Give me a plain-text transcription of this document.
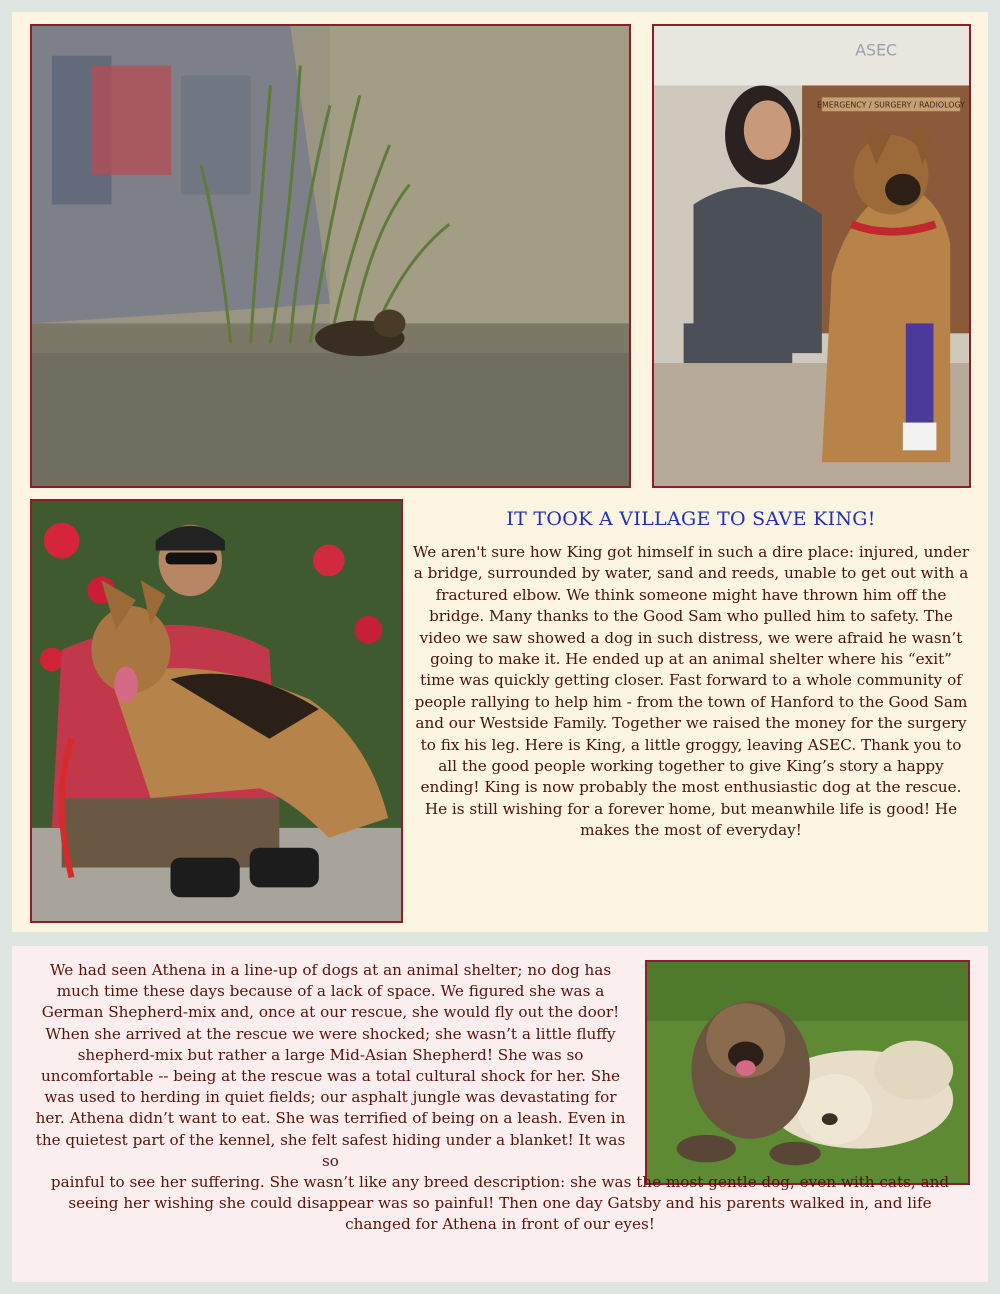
EMERGENCY / SURGERY / RADIOLOGY
ASEC
IT TOOK A VILLAGE TO SAVE KING!

We aren't sure how King got himself in such a dire place: injured, under a bridge, surrounded by water, sand and reeds, unable to get out with a fractured elbow. We think someone might have thrown him off the bridge. Many thanks to the Good Sam who pulled him to safety. The video we saw showed a dog in such distress, we were afraid he wasn’t going to make it. He ended up at an animal shelter where his “exit” time was quickly getting closer. Fast forward to a whole community of people rallying to help him - from the town of Hanford to the Good Sam and our Westside Family. Together we raised the money for the surgery to fix his leg. Here is King, a little groggy, leaving ASEC. Thank you to all the good people working together to give King’s story a happy ending! King is now probably the most enthusiastic dog at the rescue. He is still wishing for a forever home, but meanwhile life is good! He makes the most of everyday!

We had seen Athena in a line-up of dogs at an animal shelter; no dog has much time these days because of a lack of space. We figured she was a German Shepherd-mix and, once at our rescue, she would fly out the door! When she arrived at the rescue we were shocked; she wasn’t a little fluffy shepherd-mix but rather a large Mid-Asian Shepherd! She was so uncomfortable -- being at the rescue was a total cultural shock for her. She was used to herding in quiet fields; our asphalt jungle was devastating for her. Athena didn’t want to eat. She was terrified of being on a leash. Even in the quietest part of the kennel, she felt safest hiding under a blanket! It was so

painful to see her suffering. She wasn’t like any breed description: she was the most gentle dog, even with cats, and seeing her wishing she could disappear was so painful! Then one day Gatsby and his parents walked in, and life changed for Athena in front of our eyes!
